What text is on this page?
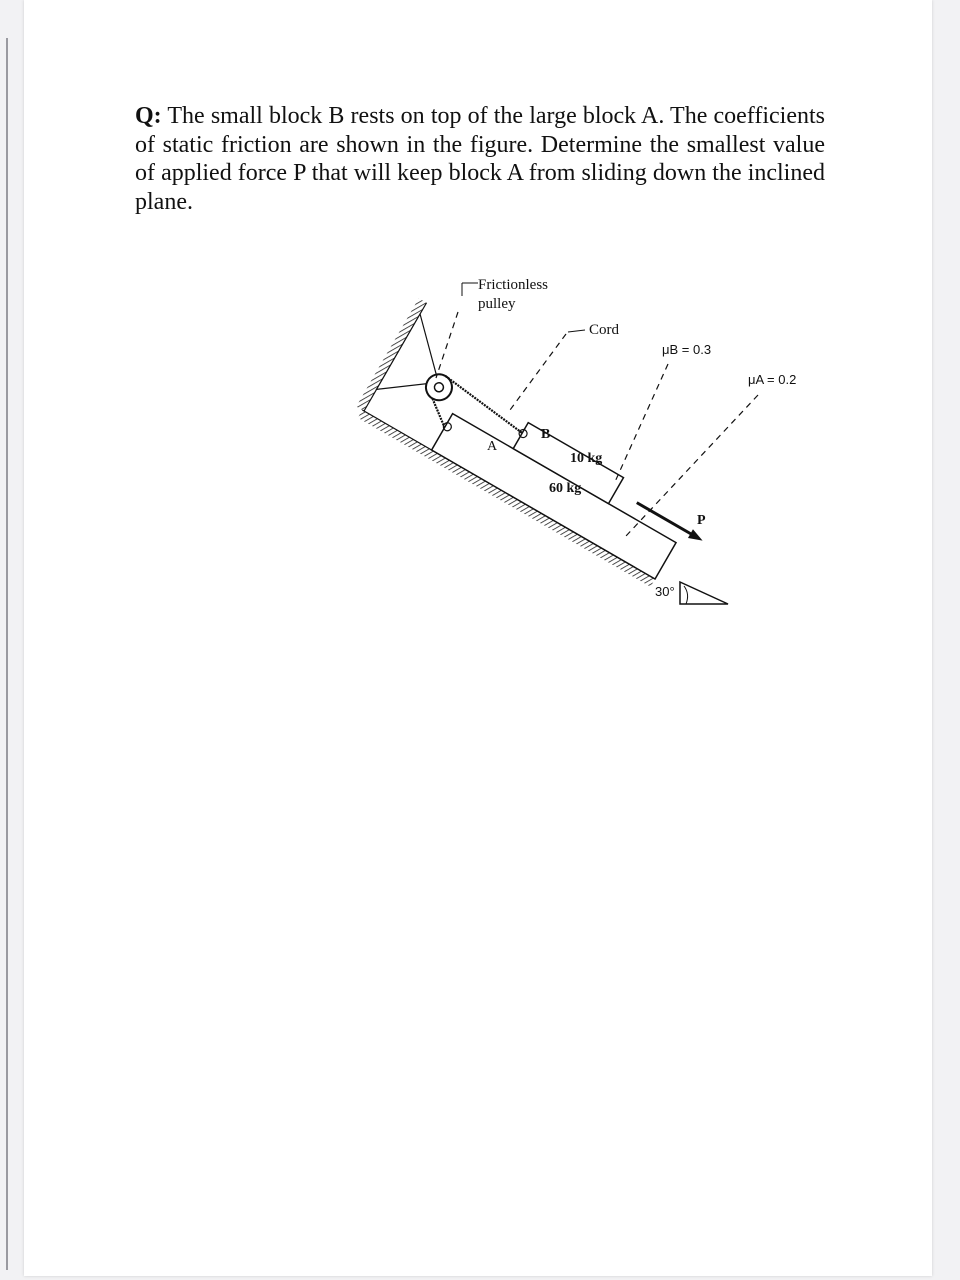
Q: The small block B rests on top of the large block A. The coefficients of static friction are shown in the figure. Determine the smallest value of applied force P that will keep block A from sliding down the inclined plane.

Frictionless
pulley
Cord
μB = 0.3
μA = 0.2
B
A
10 kg
60 kg
P
30°
